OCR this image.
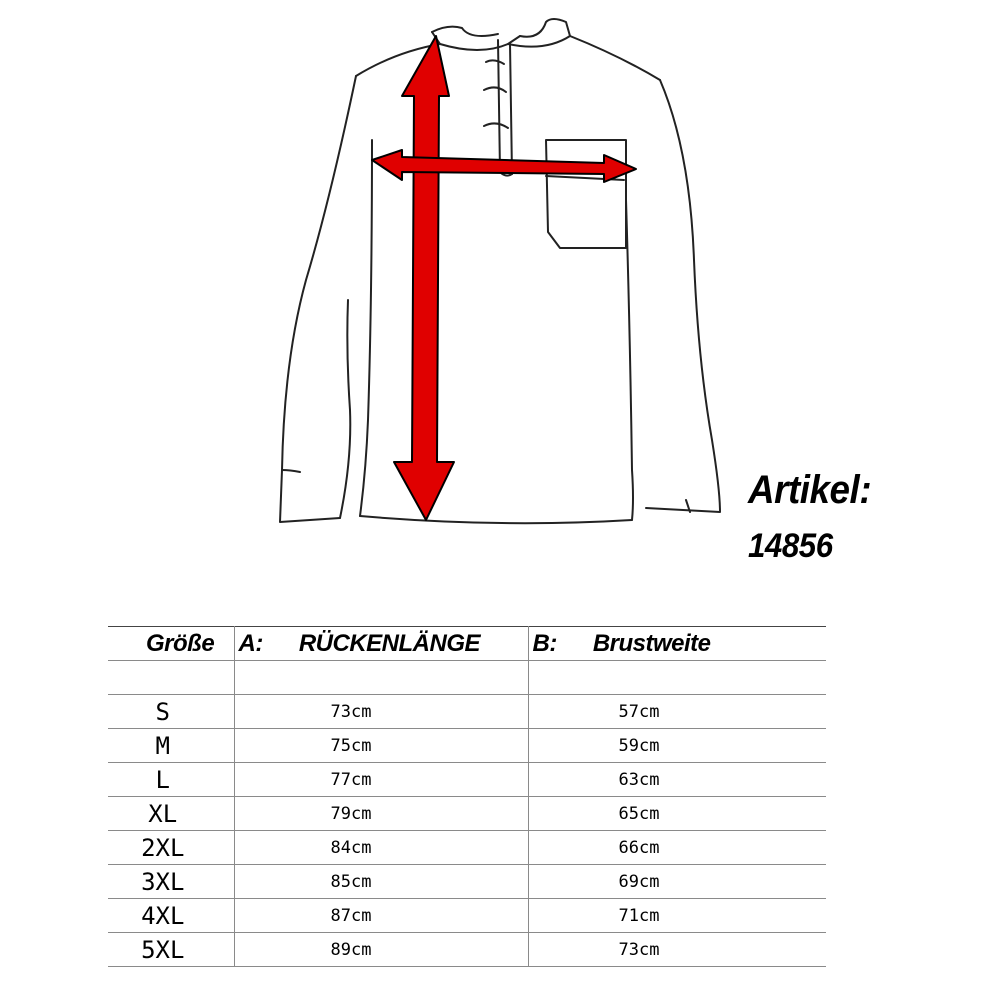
Artikel:
14856
Größe	A: RÜCKENLÄNGE	B: Brustweite

S	73cm	57cm
M	75cm	59cm
L	77cm	63cm
XL	79cm	65cm
2XL	84cm	66cm
3XL	85cm	69cm
4XL	87cm	71cm
5XL	89cm	73cm
